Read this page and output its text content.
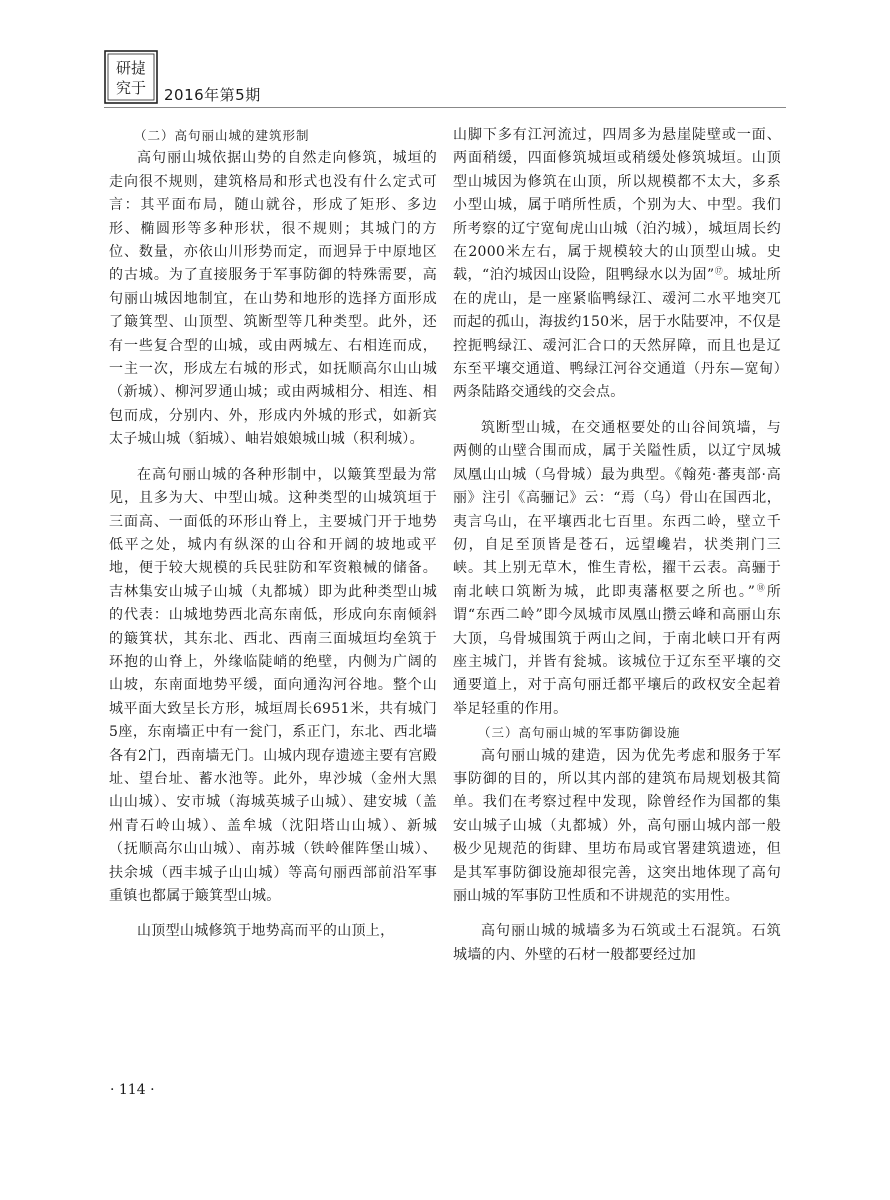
研㨗
究于 2016年第5期
（二）高句丽山城的建筑形制

高句丽山城依据山势的自然走向修筑，城垣的走向很不规则，建筑格局和形式也没有什么定式可言：其平面布局，随山就谷，形成了矩形、多边形、椭圆形等多种形状，很不规则；其城门的方位、数量，亦依山川形势而定，而迥异于中原地区的古城。为了直接服务于军事防御的特殊需要，高句丽山城因地制宜，在山势和地形的选择方面形成了簸箕型、山顶型、筑断型等几种类型。此外，还有一些复合型的山城，或由两城左、右相连而成，一主一次，形成左右城的形式，如抚顺高尔山山城（新城）、柳河罗通山城；或由两城相分、相连、相包而成，分别内、外，形成内外城的形式，如新宾太子城山城（貊城）、岫岩娘娘城山城（积利城）。

在高句丽山城的各种形制中，以簸箕型最为常见，且多为大、中型山城。这种类型的山城筑垣于三面高、一面低的环形山脊上，主要城门开于地势低平之处，城内有纵深的山谷和开阔的坡地或平地，便于较大规模的兵民驻防和军资粮械的储备。吉林集安山城子山城（丸都城）即为此种类型山城的代表：山城地势西北高东南低，形成向东南倾斜的簸箕状，其东北、西北、西南三面城垣均垒筑于环抱的山脊上，外缘临陡峭的绝壁，内侧为广阔的山坡，东南面地势平缓，面向通沟河谷地。整个山城平面大致呈长方形，城垣周长6951米，共有城门5座，东南墙正中有一瓮门，系正门，东北、西北墙各有2门，西南墙无门。山城内现存遗迹主要有宫殿址、望台址、蓄水池等。此外，卑沙城（金州大黑山山城）、安市城（海城英城子山城）、建安城（盖州青石岭山城）、盖牟城（沈阳塔山山城）、新城（抚顺高尔山山城）、南苏城（铁岭催阵堡山城）、扶余城（西丰城子山山城）等高句丽西部前沿军事重镇也都属于簸箕型山城。

山顶型山城修筑于地势高而平的山顶上，

山脚下多有江河流过，四周多为悬崖陡壁或一面、两面稍缓，四面修筑城垣或稍缓处修筑城垣。山顶型山城因为修筑在山顶，所以规模都不太大，多系小型山城，属于哨所性质，个别为大、中型。我们所考察的辽宁宽甸虎山山城（泊汋城），城垣周长约在2000米左右，属于规模较大的山顶型山城。史载，“泊汋城因山设险，阻鸭绿水以为固”⑰。城址所在的虎山，是一座紧临鸭绿江、叆河二水平地突兀而起的孤山，海拔约150米，居于水陆要冲，不仅是控扼鸭绿江、叆河汇合口的天然屏障，而且也是辽东至平壤交通道、鸭绿江河谷交通道（丹东—宽甸）两条陆路交通线的交会点。

筑断型山城，在交通枢要处的山谷间筑墙，与两侧的山壁合围而成，属于关隘性质，以辽宁凤城凤凰山山城（乌骨城）最为典型。《翰苑·蕃夷部·高丽》注引《高骊记》云：“焉（乌）骨山在国西北，夷言乌山，在平壤西北七百里。东西二岭，壁立千仞，自足至顶皆是苍石，远望巉岩，状类荆门三峡。其上别无草木，惟生青松，擢干云表。高骊于南北峡口筑断为城，此即夷藩枢要之所也。”⑱所谓“东西二岭”即今凤城市凤凰山攒云峰和高丽山东大顶，乌骨城围筑于两山之间，于南北峡口开有两座主城门，并皆有瓮城。该城位于辽东至平壤的交通要道上，对于高句丽迁都平壤后的政权安全起着举足轻重的作用。

（三）高句丽山城的军事防御设施

高句丽山城的建造，因为优先考虑和服务于军事防御的目的，所以其内部的建筑布局规划极其简单。我们在考察过程中发现，除曾经作为国都的集安山城子山城（丸都城）外，高句丽山城内部一般极少见规范的街肆、里坊布局或官署建筑遗迹，但是其军事防御设施却很完善，这突出地体现了高句丽山城的军事防卫性质和不讲规范的实用性。

高句丽山城的城墙多为石筑或土石混筑。石筑城墙的内、外壁的石材一般都要经过加

· 114 ·
